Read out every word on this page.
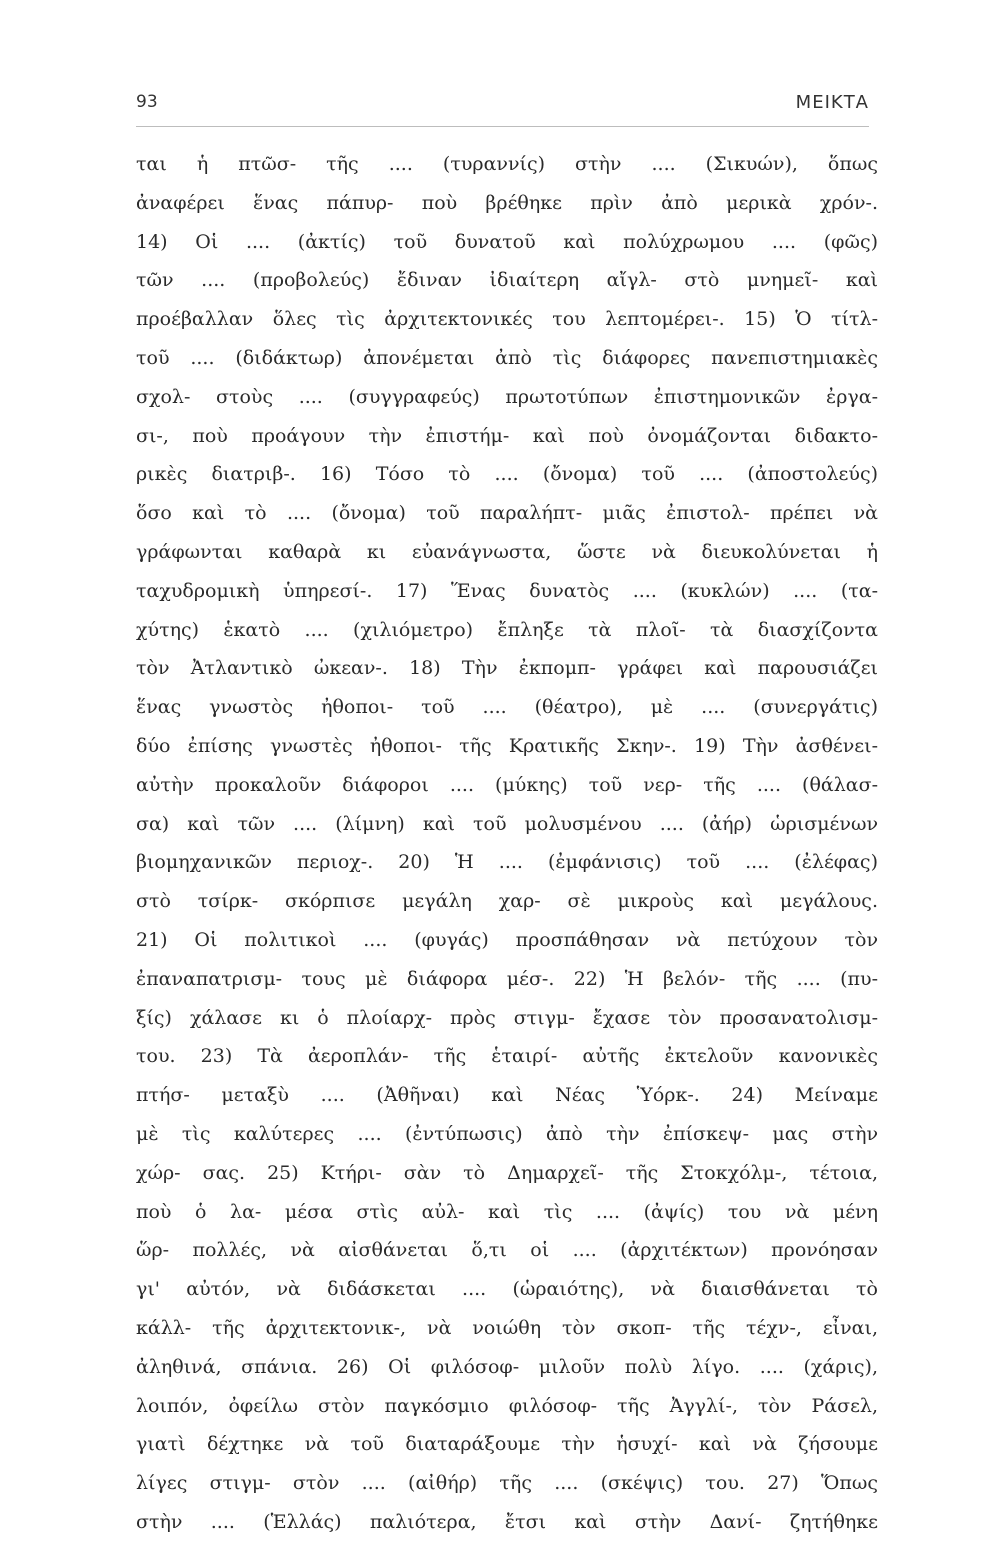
93	ΜΕΙΚΤΑ
ται ἡ πτῶσ- τῆς .... (τυραννίς) στὴν .... (Σικυών), ὅπως
ἀναφέρει ἕνας πάπυρ- ποὺ βρέθηκε πρὶν ἀπὸ μερικὰ χρόν-.
14) Οἱ .... (ἀκτίς) τοῦ δυνατοῦ καὶ πολύχρωμου .... (φῶς)
τῶν .... (προβολεύς) ἔδιναν ἰδιαίτερη αἴγλ- στὸ μνημεῖ- καὶ
προέβαλλαν ὅλες τὶς ἀρχιτεκτονικές του λεπτομέρει-. 15) Ὁ τίτλ-
τοῦ .... (διδάκτωρ) ἀπονέμεται ἀπὸ τὶς διάφορες πανεπιστημιακὲς
σχολ- στοὺς .... (συγγραφεύς) πρωτοτύπων ἐπιστημονικῶν ἐργα-
σι-, ποὺ προάγουν τὴν ἐπιστήμ- καὶ ποὺ ὀνομάζονται διδακτο-
ρικὲς διατριβ-. 16) Τόσο τὸ .... (ὄνομα) τοῦ .... (ἀποστολεύς)
ὅσο καὶ τὸ .... (ὄνομα) τοῦ παραλήπτ- μιᾶς ἐπιστολ- πρέπει νὰ
γράφωνται καθαρὰ κι εὐανάγνωστα, ὥστε νὰ διευκολύνεται ἡ
ταχυδρομικὴ ὑπηρεσί-. 17) Ἕνας δυνατὸς .... (κυκλών) .... (τα-
χύτης) ἑκατὸ .... (χιλιόμετρο) ἔπληξε τὰ πλοῖ- τὰ διασχίζοντα
τὸν Ἀτλαντικὸ ὠκεαν-. 18) Τὴν ἐκπομπ- γράφει καὶ παρουσιάζει
ἕνας γνωστὸς ἠθοποι- τοῦ .... (θέατρο), μὲ .... (συνεργάτις)
δύο ἐπίσης γνωστὲς ἠθοποι- τῆς Κρατικῆς Σκην-. 19) Τὴν ἀσθένει-
αὐτὴν προκαλοῦν διάφοροι .... (μύκης) τοῦ νερ- τῆς .... (θάλασ-
σα) καὶ τῶν .... (λίμνη) καὶ τοῦ μολυσμένου .... (ἀήρ) ὡρισμένων
βιομηχανικῶν περιοχ-. 20) Ἡ .... (ἐμφάνισις) τοῦ .... (ἐλέφας)
στὸ τσίρκ- σκόρπισε μεγάλη χαρ- σὲ μικροὺς καὶ μεγάλους.
21) Οἱ πολιτικοὶ .... (φυγάς) προσπάθησαν νὰ πετύχουν τὸν
ἐπαναπατρισμ- τους μὲ διάφορα μέσ-. 22) Ἡ βελόν- τῆς .... (πυ-
ξίς) χάλασε κι ὁ πλοίαρχ- πρὸς στιγμ- ἔχασε τὸν προσανατολισμ-
του. 23) Τὰ ἀεροπλάν- τῆς ἑταιρί- αὐτῆς ἐκτελοῦν κανονικὲς
πτήσ- μεταξὺ .... (Ἀθῆναι) καὶ Νέας Ὑόρκ-. 24) Μείναμε
μὲ τὶς καλύτερες .... (ἐντύπωσις) ἀπὸ τὴν ἐπίσκεψ- μας στὴν
χώρ- σας. 25) Κτήρι- σὰν τὸ Δημαρχεῖ- τῆς Στοκχόλμ-, τέτοια,
ποὺ ὁ λα- μέσα στὶς αὐλ- καὶ τὶς .... (ἀψίς) του νὰ μένη
ὥρ- πολλές, νὰ αἰσθάνεται ὅ,τι οἱ .... (ἀρχιτέκτων) προνόησαν
γι' αὐτόν, νὰ διδάσκεται .... (ὡραιότης), νὰ διαισθάνεται τὸ
κάλλ- τῆς ἀρχιτεκτονικ-, νὰ νοιώθη τὸν σκοπ- τῆς τέχν-, εἶναι,
ἀληθινά, σπάνια. 26) Οἱ φιλόσοφ- μιλοῦν πολὺ λίγο. .... (χάρις),
λοιπόν, ὀφείλω στὸν παγκόσμιο φιλόσοφ- τῆς Ἀγγλί-, τὸν Ράσελ,
γιατὶ δέχτηκε νὰ τοῦ διαταράξουμε τὴν ἡσυχί- καὶ νὰ ζήσουμε
λίγες στιγμ- στὸν .... (αἰθήρ) τῆς .... (σκέψις) του. 27) Ὅπως
στὴν .... (Ἑλλάς) παλιότερα, ἔτσι καὶ στὴν Δανί- ζητήθηκε
